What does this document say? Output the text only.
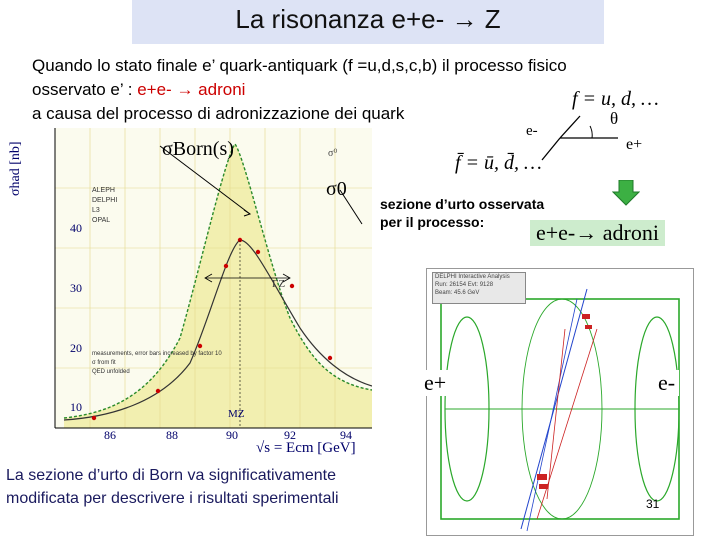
La risonanza e+e- → Z
Quando lo stato finale e’ quark-antiquark (f =u,d,s,c,b) il processo fisico
osservato e’ : e+e- → adroni
a causa del processo di adronizzazione dei quark
f = u, d, …
f̄ = ū, d̄, …
e-
e+
θ
σhad [nb]	σBorn(s)
σ0
σ⁰
ΓZ
MZ
ALEPH
DELPHI
L3
OPAL
measurements, error bars increased by factor 10
σ from fit
QED unfolded
40
30
20
10
86	88	90	92	94
√s = Ecm [GeV]
sezione d’urto osservata
per il processo: e+e-→ adroni
DELPHI Interactive Analysis
Run: 26154 Evt: 9128
Beam: 45.6 GeV
e+	e-
31
La sezione d’urto di Born va significativamente
modificata per descrivere i risultati sperimentali
